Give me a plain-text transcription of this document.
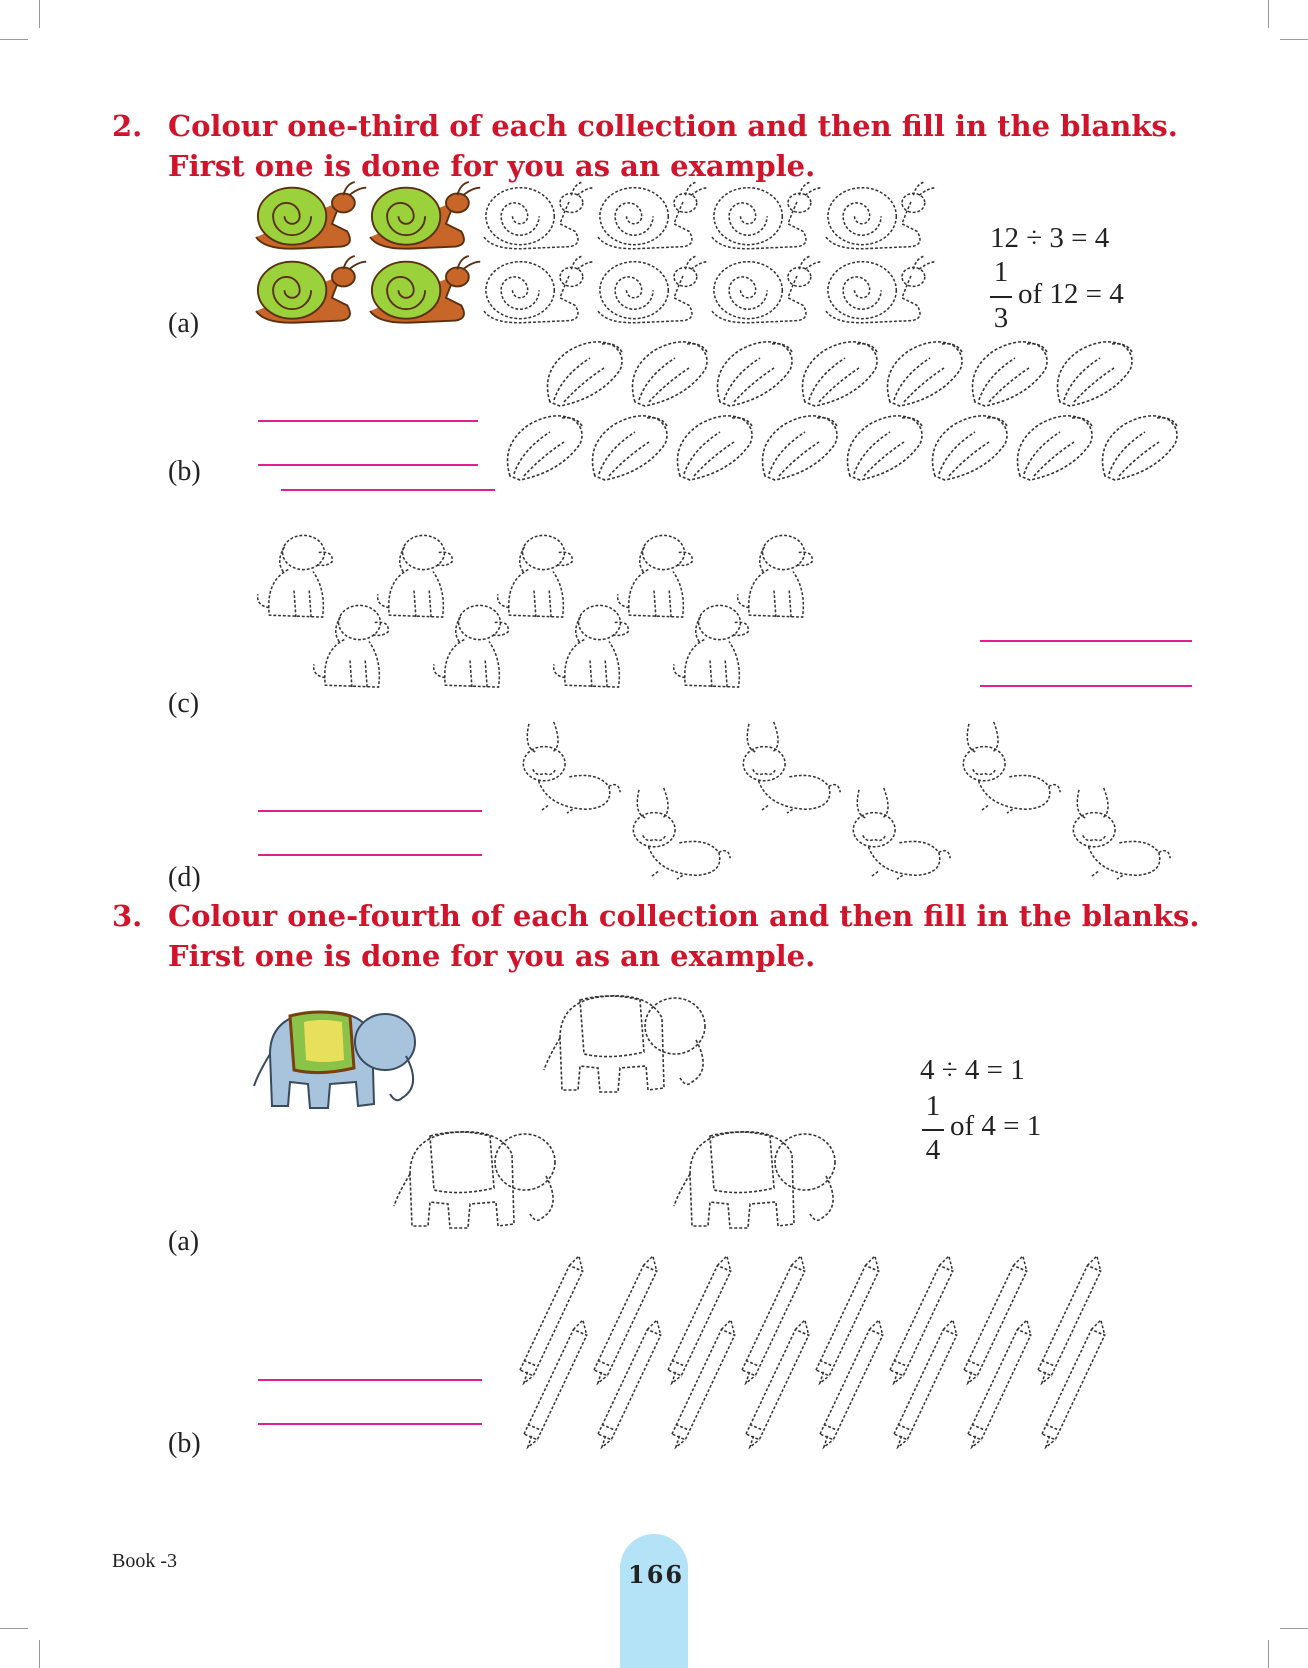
2. Colour one-third of each collection and then fill in the blanks. First one is done for you as an example.
12 ÷ 3 = 4
1
3
of 12 = 4
(a)
(b)
(c)
(d)
3. Colour one-fourth of each collection and then fill in the blanks. First one is done for you as an example.
4 ÷ 4 = 1
1
4
of 4 = 1
(a)
(b)
Book -3	166
